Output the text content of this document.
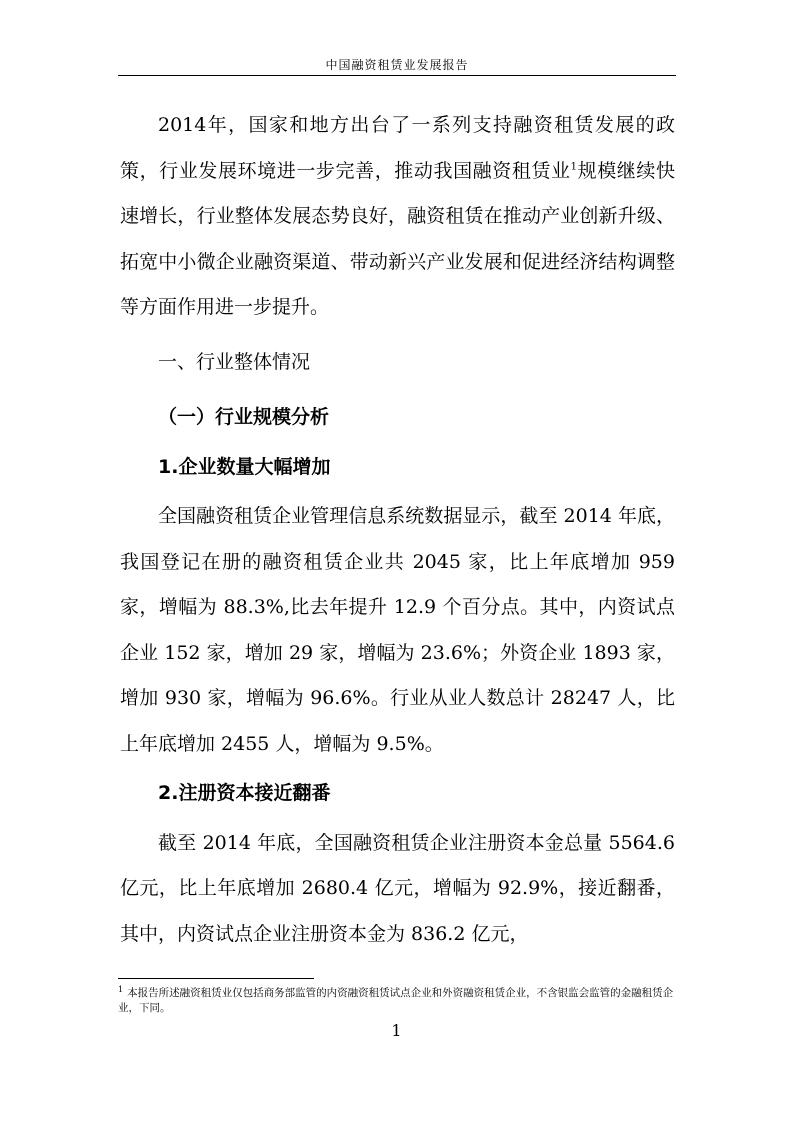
中国融资租赁业发展报告

2014年，国家和地方出台了一系列支持融资租赁发展的政策，行业发展环境进一步完善，推动我国融资租赁业$^1$规模继续快速增长，行业整体发展态势良好，融资租赁在推动产业创新升级、拓宽中小微企业融资渠道、带动新兴产业发展和促进经济结构调整等方面作用进一步提升。

一、行业整体情况
（一）行业规模分析
1.企业数量大幅增加

全国融资租赁企业管理信息系统数据显示，截至 2014 年底，我国登记在册的融资租赁企业共 2045 家，比上年底增加 959 家，增幅为 88.3%,比去年提升 12.9 个百分点。其中，内资试点企业 152 家，增加 29 家，增幅为 23.6%；外资企业 1893 家，增加 930 家，增幅为 96.6%。行业从业人数总计 28247 人，比上年底增加 2455 人，增幅为 9.5%。

2.注册资本接近翻番

截至 2014 年底，全国融资租赁企业注册资本金总量 5564.6 亿元，比上年底增加 2680.4 亿元，增幅为 92.9%，接近翻番，其中，内资试点企业注册资本金为 836.2 亿元，

$^1$ 本报告所述融资租赁业仅包括商务部监管的内资融资租赁试点企业和外资融资租赁企业，不含银监会监管的金融租赁企业，下同。
1
